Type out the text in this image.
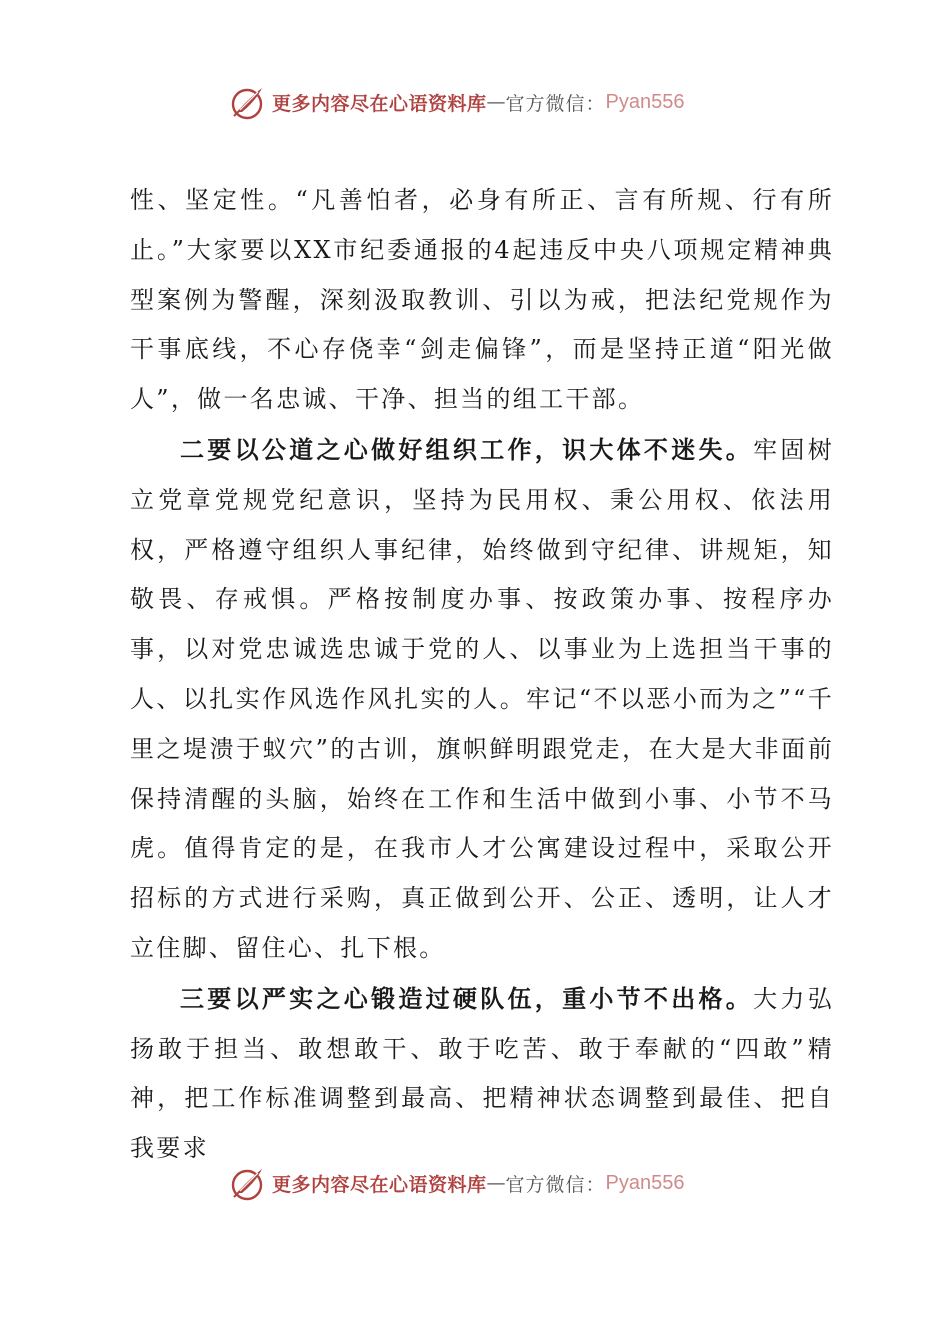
更多内容尽在心语资料库 — 官方微信： Pyan556

性、坚定性。“凡善怕者，必身有所正、言有所规、行有所止。”大家要以XX市纪委通报的4起违反中央八项规定精神典型案例为警醒，深刻汲取教训、引以为戒，把法纪党规作为干事底线，不心存侥幸“剑走偏锋”，而是坚持正道“阳光做人”，做一名忠诚、干净、担当的组工干部。

二要以公道之心做好组织工作，识大体不迷失。牢固树立党章党规党纪意识，坚持为民用权、秉公用权、依法用权，严格遵守组织人事纪律，始终做到守纪律、讲规矩，知敬畏、存戒惧。严格按制度办事、按政策办事、按程序办事，以对党忠诚选忠诚于党的人、以事业为上选担当干事的人、以扎实作风选作风扎实的人。牢记“不以恶小而为之”“千里之堤溃于蚁穴”的古训，旗帜鲜明跟党走，在大是大非面前保持清醒的头脑，始终在工作和生活中做到小事、小节不马虎。值得肯定的是，在我市人才公寓建设过程中，采取公开招标的方式进行采购，真正做到公开、公正、透明，让人才立住脚、留住心、扎下根。

三要以严实之心锻造过硬队伍，重小节不出格。大力弘扬敢于担当、敢想敢干、敢于吃苦、敢于奉献的“四敢”精神，把工作标准调整到最高、把精神状态调整到最佳、把自我要求

更多内容尽在心语资料库 — 官方微信： Pyan556
